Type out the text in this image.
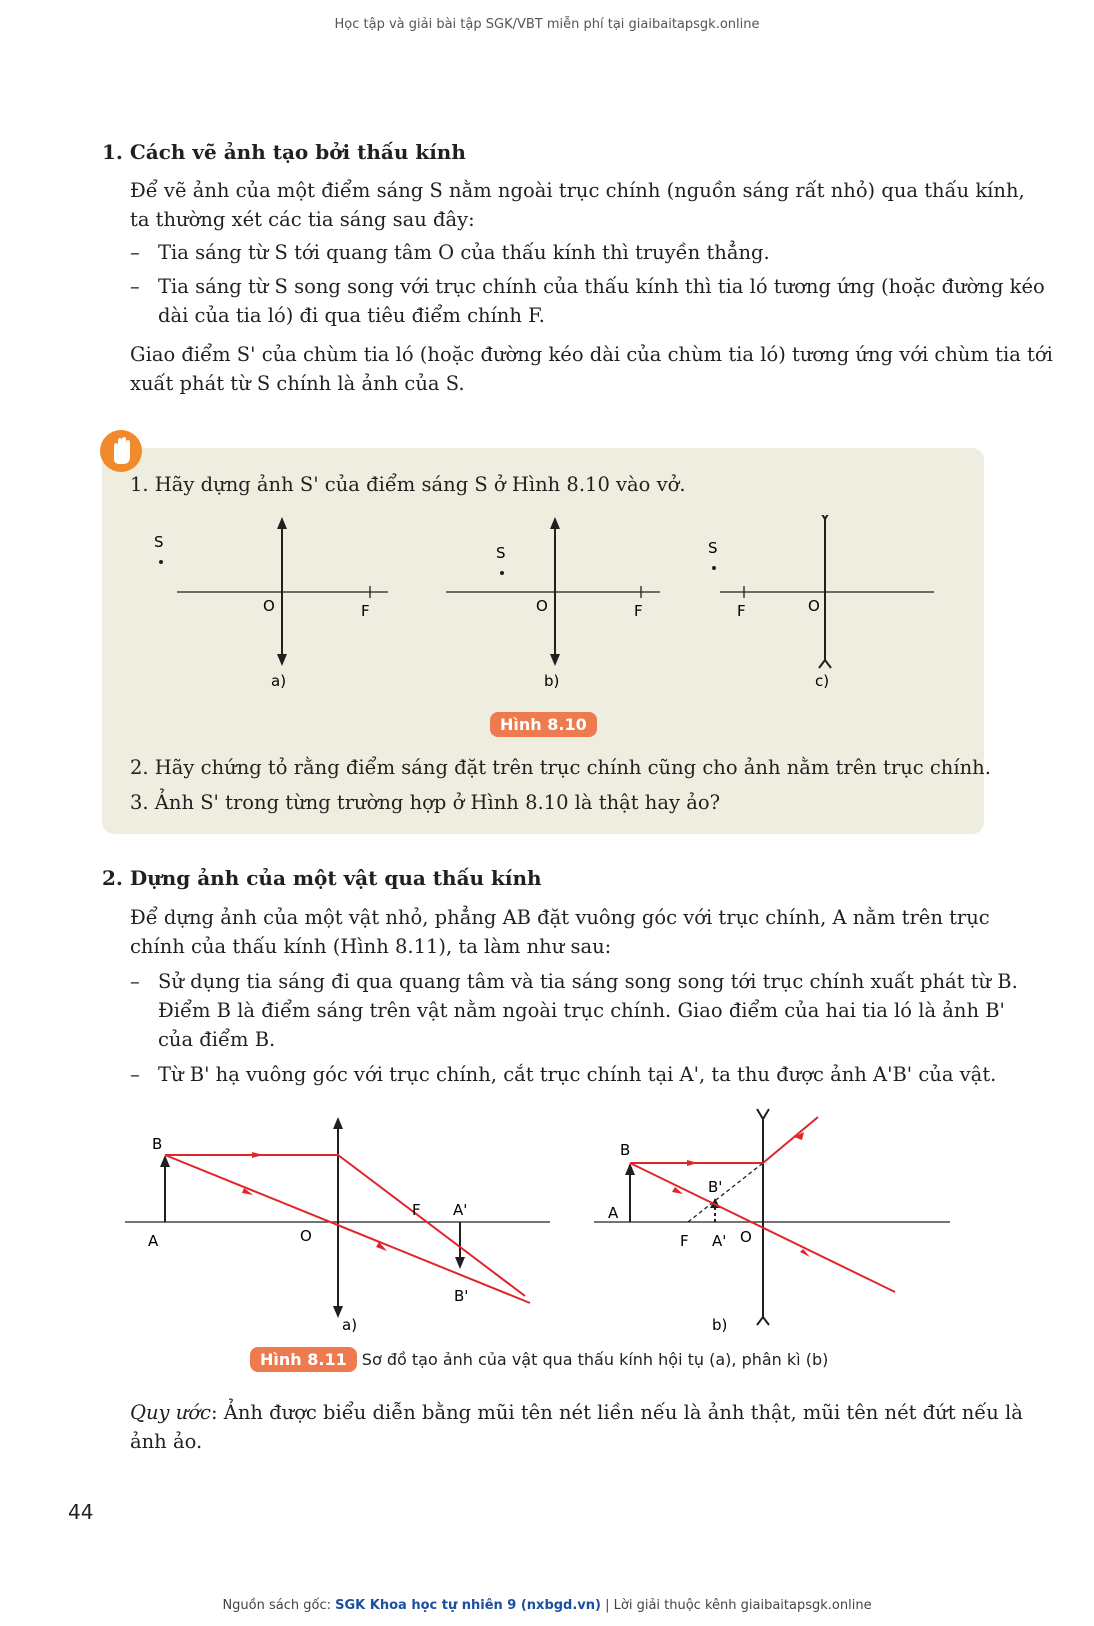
Học tập và giải bài tập SGK/VBT miễn phí tại giaibaitapsgk.online
1. Cách vẽ ảnh tạo bởi thấu kính
Để vẽ ảnh của một điểm sáng S nằm ngoài trục chính (nguồn sáng rất nhỏ) qua thấu kính,
ta thường xét các tia sáng sau đây:
– Tia sáng từ S tới quang tâm O của thấu kính thì truyền thẳng.
– Tia sáng từ S song song với trục chính của thấu kính thì tia ló tương ứng (hoặc đường kéo
dài của tia ló) đi qua tiêu điểm chính F.
Giao điểm S' của chùm tia ló (hoặc đường kéo dài của chùm tia ló) tương ứng với chùm tia tới
xuất phát từ S chính là ảnh của S.
1. Hãy dựng ảnh S' của điểm sáng S ở Hình 8.10 vào vở.
S
O	F
a)
S
O	F
b)
S
F	O
c)
Hình 8.10
2. Hãy chứng tỏ rằng điểm sáng đặt trên trục chính cũng cho ảnh nằm trên trục chính.
3. Ảnh S' trong từng trường hợp ở Hình 8.10 là thật hay ảo?
2. Dựng ảnh của một vật qua thấu kính
Để dựng ảnh của một vật nhỏ, phẳng AB đặt vuông góc với trục chính, A nằm trên trục
chính của thấu kính (Hình 8.11), ta làm như sau:
– Sử dụng tia sáng đi qua quang tâm và tia sáng song song tới trục chính xuất phát từ B.
Điểm B là điểm sáng trên vật nằm ngoài trục chính. Giao điểm của hai tia ló là ảnh B'
của điểm B.
– Từ B' hạ vuông góc với trục chính, cắt trục chính tại A', ta thu được ảnh A'B' của vật.
B
A	O
F A'
B'
a)
B
A
B'
F A' O
b)
Hình 8.11 Sơ đồ tạo ảnh của vật qua thấu kính hội tụ (a), phân kì (b)
Quy ước: Ảnh được biểu diễn bằng mũi tên nét liền nếu là ảnh thật, mũi tên nét đứt nếu là
ảnh ảo.
44
Nguồn sách gốc: SGK Khoa học tự nhiên 9 (nxbgd.vn) | Lời giải thuộc kênh giaibaitapsgk.online
